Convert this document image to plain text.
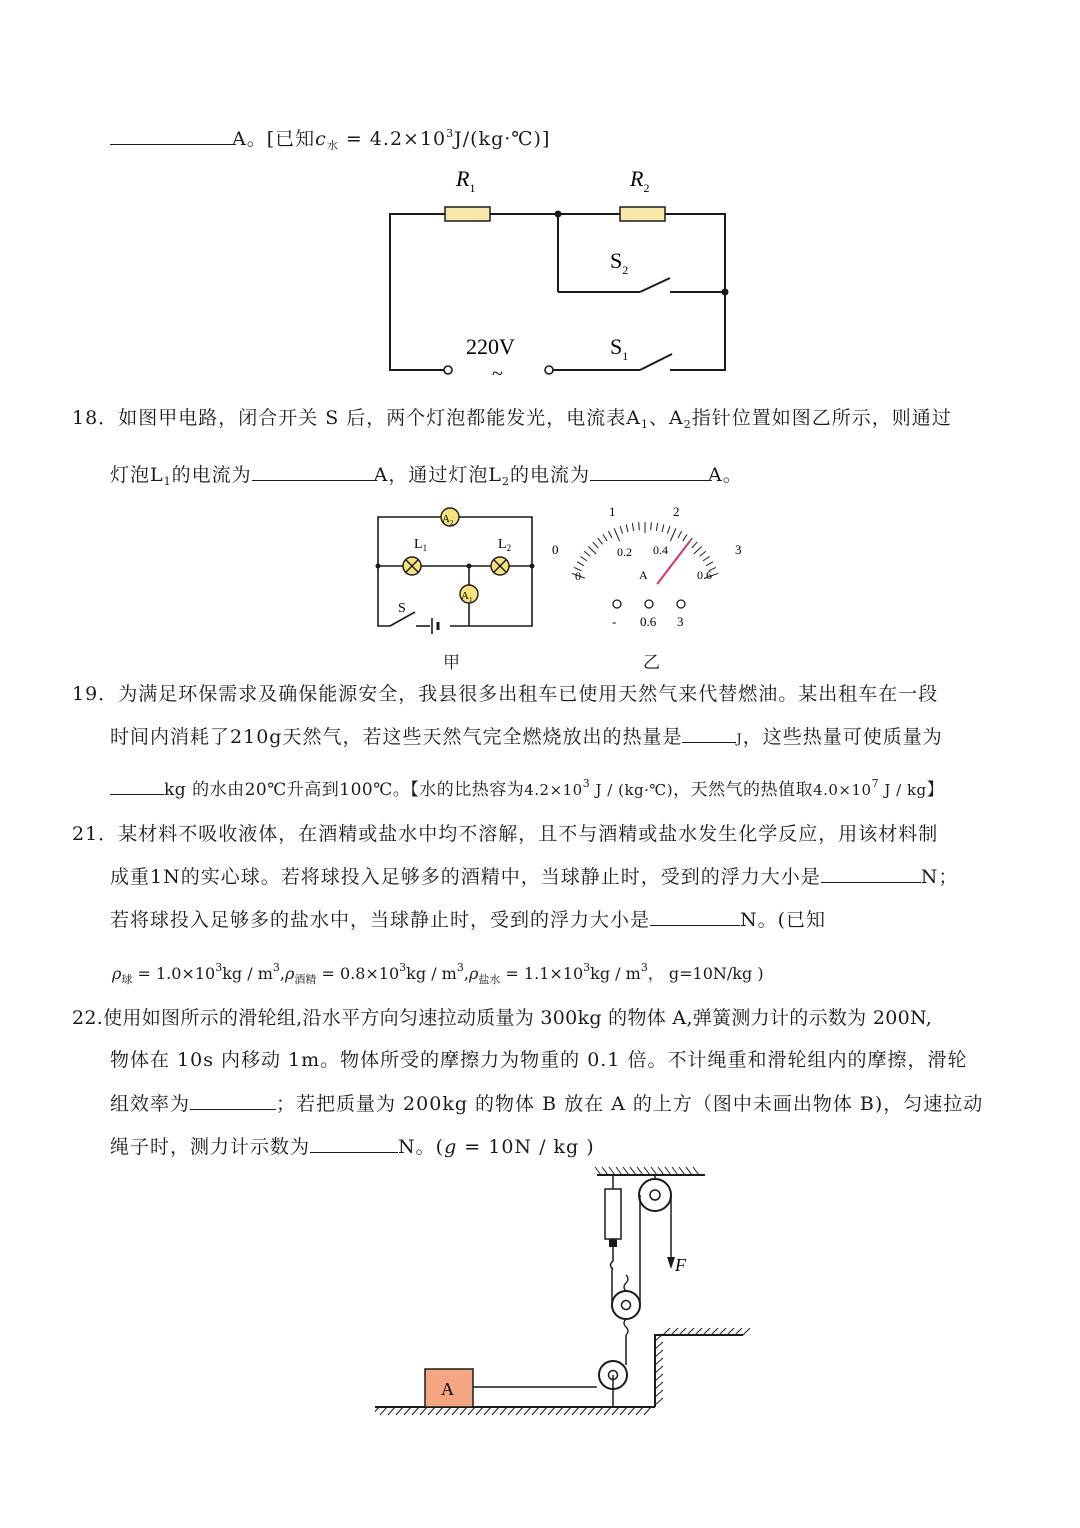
A。[已知$c_水$ = $4.2\times 10^3J/(kg\cdot℃)$]
$R_1$	$R_2$
$S_2$
$S_1$
220V
~
18．如图甲电路，闭合开关 S 后，两个灯泡都能发光，电流表$A_1$、$A_2$指针位置如图乙所示，则通过
灯泡$L_1$的电流为	A，通过灯泡$L_2$的电流为	A。
$A_2$
$A_1$
$L_1$	$L_2$
S
甲
0
1	2
3
0
0.2 0.4
0.6
A
- 0.6 3
乙
19．为满足环保需求及确保能源安全，我县很多出租车已使用天然气来代替燃油。某出租车在一段
时间内消耗了210g天然气，若这些天然气完全燃烧放出的热量是	J，这些热量可使质量为
kg 的水由20℃升高到100℃。【水的比热容为$4.2\times 10^3$ J / (kg·℃)，天然气的热值取$4.0\times 10^7$ J / kg】
21．某材料不吸收液体，在酒精或盐水中均不溶解，且不与酒精或盐水发生化学反应，用该材料制
成重1N的实心球。若将球投入足够多的酒精中，当球静止时，受到的浮力大小是	N；
若将球投入足够多的盐水中，当球静止时，受到的浮力大小是	N。(已知
$\rho_球 = 1.0\times 10^3kg / m^3,\rho_{酒精} = 0.8\times 10^3kg / m^3,\rho_{盐水} = 1.1\times 10^3kg / m^3$， g=10N/kg )
22.使用如图所示的滑轮组,沿水平方向匀速拉动质量为 300kg 的物体 A,弹簧测力计的示数为 200N,
物体在 10s 内移动 1m。物体所受的摩擦力为物重的 0.1 倍。不计绳重和滑轮组内的摩擦，滑轮
组效率为	；若把质量为 200kg 的物体 B 放在 A 的上方（图中未画出物体 B)，匀速拉动
绳子时，测力计示数为	N。(g = 10N / kg )
F
A
